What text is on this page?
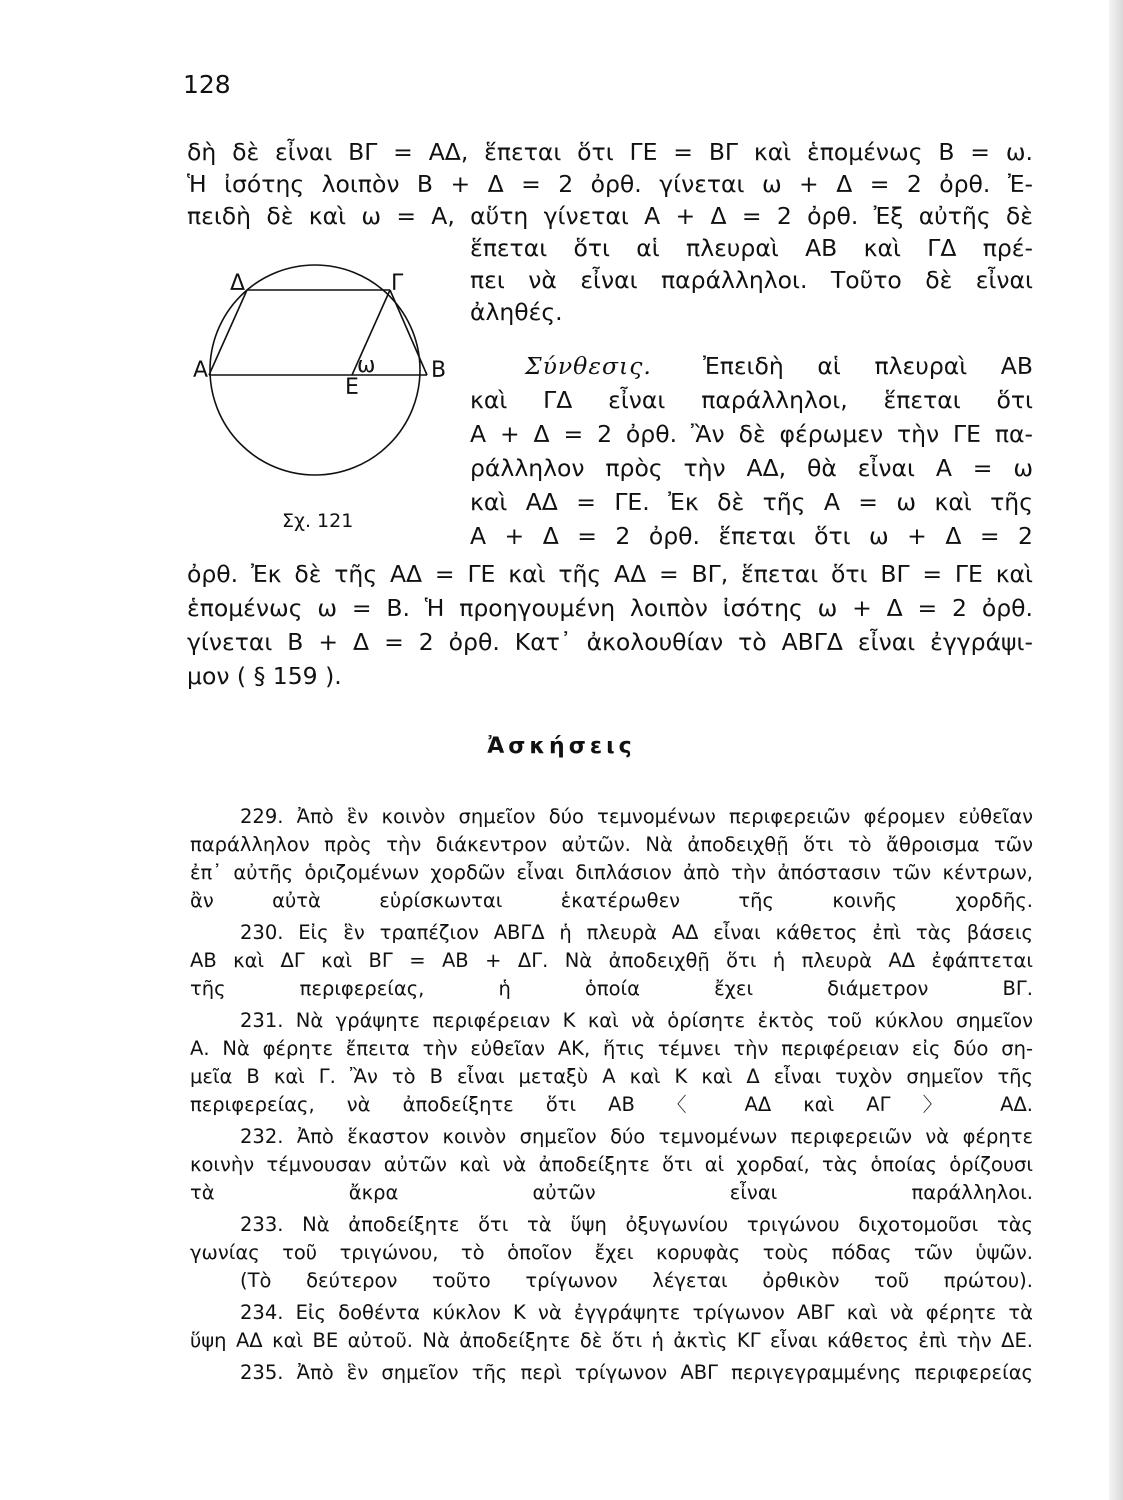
128

δὴ δὲ εἶναι ΒΓ = ΑΔ, ἕπεται ὅτι ΓΕ = ΒΓ καὶ ἑπομένως Β = ω.

Ἡ ἰσότης λοιπὸν Β + Δ = 2 ὀρθ. γίνεται ω + Δ = 2 ὀρθ. Ἐ-

πειδὴ δὲ καὶ ω = Α, αὕτη γίνεται Α + Δ = 2 ὀρθ. Ἐξ αὐτῆς δὲ

ἕπεται ὅτι αἱ πλευραὶ ΑΒ καὶ ΓΔ πρέ-

πει νὰ εἶναι παράλληλοι. Τοῦτο δὲ εἶναι

ἀληθές.

Σύνθεσις. Ἐπειδὴ αἱ πλευραὶ ΑΒ

καὶ ΓΔ εἶναι παράλληλοι, ἕπεται ὅτι

Α + Δ = 2 ὀρθ. Ἂν δὲ φέρωμεν τὴν ΓΕ πα-

ράλληλον πρὸς τὴν ΑΔ, θὰ εἶναι Α = ω

καὶ ΑΔ = ΓΕ. Ἐκ δὲ τῆς Α = ω καὶ τῆς

Α + Δ = 2 ὀρθ. ἕπεται ὅτι ω + Δ = 2

ὀρθ. Ἐκ δὲ τῆς ΑΔ = ΓΕ καὶ τῆς ΑΔ = ΒΓ, ἕπεται ὅτι ΒΓ = ΓΕ καὶ

ἑπομένως ω = Β. Ἡ προηγουμένη λοιπὸν ἰσότης ω + Δ = 2 ὀρθ.

γίνεται Β + Δ = 2 ὀρθ. Κατ᾽ ἀκολουθίαν τὸ ΑΒΓΔ εἶναι ἐγγράψι-

μον ( § 159 ).

Δ	Γ
Α	Β
ω
Ε
Σχ. 121
Ἀσκήσεις

229. Ἀπὸ ἓν κοινὸν σημεῖον δύο τεμνομένων περιφερειῶν φέρομεν εὐθεῖαν

παράλληλον πρὸς τὴν διάκεντρον αὐτῶν. Νὰ ἀποδειχθῇ ὅτι τὸ ἄθροισμα τῶν

ἐπ᾽ αὐτῆς ὁριζομένων χορδῶν εἶναι διπλάσιον ἀπὸ τὴν ἀπόστασιν τῶν κέντρων,

ἂν αὐτὰ εὑρίσκωνται ἑκατέρωθεν τῆς κοινῆς χορδῆς.

230. Εἰς ἓν τραπέζιον ΑΒΓΔ ἡ πλευρὰ ΑΔ εἶναι κάθετος ἐπὶ τὰς βάσεις

ΑΒ καὶ ΔΓ καὶ ΒΓ = ΑΒ + ΔΓ. Νὰ ἀποδειχθῇ ὅτι ἡ πλευρὰ ΑΔ ἐφάπτεται

τῆς περιφερείας, ἡ ὁποία ἔχει διάμετρον ΒΓ.

231. Νὰ γράψητε περιφέρειαν Κ καὶ νὰ ὁρίσητε ἐκτὸς τοῦ κύκλου σημεῖον

Α. Νὰ φέρητε ἔπειτα τὴν εὐθεῖαν ΑΚ, ἥτις τέμνει τὴν περιφέρειαν εἰς δύο ση-

μεῖα Β καὶ Γ. Ἂν τὸ Β εἶναι μεταξὺ Α καὶ Κ καὶ Δ εἶναι τυχὸν σημεῖον τῆς

περιφερείας, νὰ ἀποδείξητε ὅτι ΑΒ 〈 ΑΔ καὶ ΑΓ 〉 ΑΔ.

232. Ἀπὸ ἕκαστον κοινὸν σημεῖον δύο τεμνομένων περιφερειῶν νὰ φέρητε

κοινὴν τέμνουσαν αὐτῶν καὶ νὰ ἀποδείξητε ὅτι αἱ χορδαί, τὰς ὁποίας ὁρίζουσι

τὰ ἄκρα αὐτῶν εἶναι παράλληλοι.

233. Νὰ ἀποδείξητε ὅτι τὰ ὕψη ὀξυγωνίου τριγώνου διχοτομοῦσι τὰς

γωνίας τοῦ τριγώνου, τὸ ὁποῖον ἔχει κορυφὰς τοὺς πόδας τῶν ὑψῶν.

(Τὸ δεύτερον τοῦτο τρίγωνον λέγεται ὀρθικὸν τοῦ πρώτου).

234. Εἰς δοθέντα κύκλον Κ νὰ ἐγγράψητε τρίγωνον ΑΒΓ καὶ νὰ φέρητε τὰ

ὕψη ΑΔ καὶ ΒΕ αὐτοῦ. Νὰ ἀποδείξητε δὲ ὅτι ἡ ἀκτὶς ΚΓ εἶναι κάθετος ἐπὶ τὴν ΔΕ.

235. Ἀπὸ ἓν σημεῖον τῆς περὶ τρίγωνον ΑΒΓ περιγεγραμμένης περιφερείας
